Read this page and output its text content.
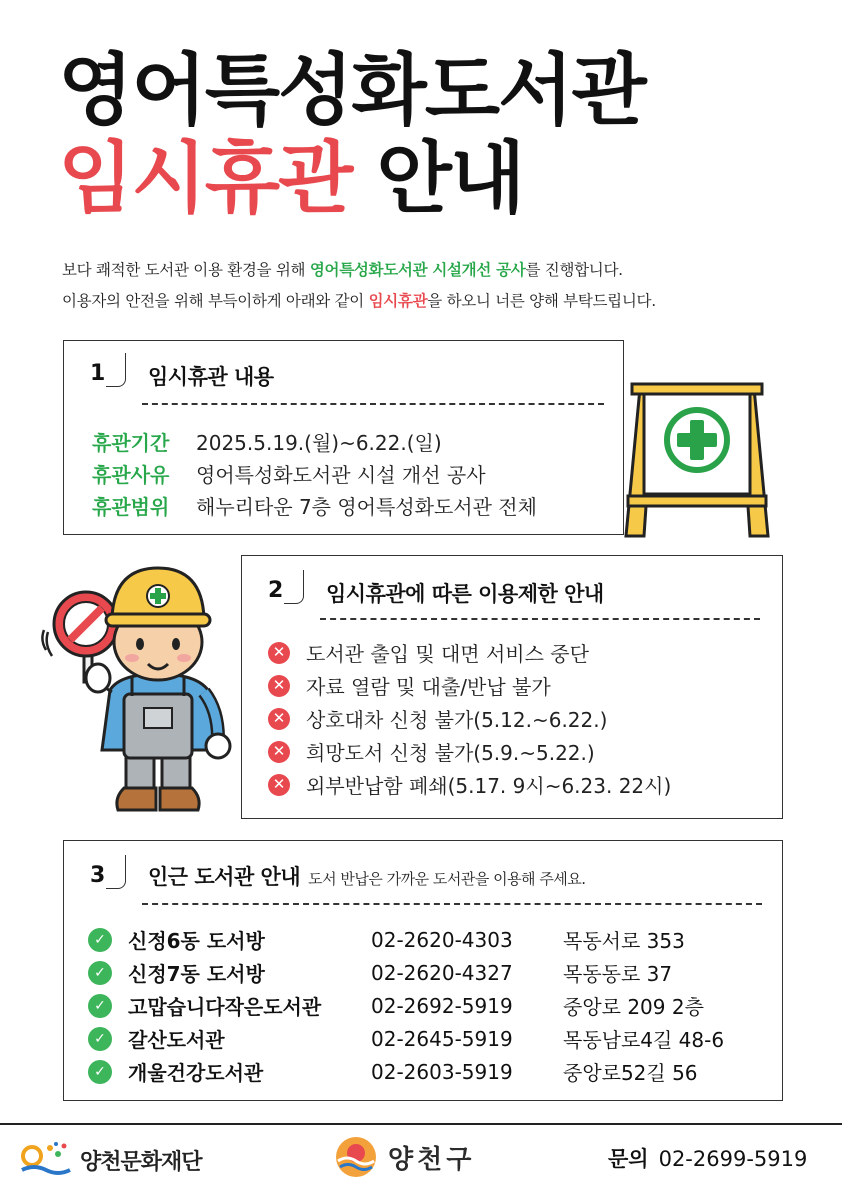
영어특성화도서관
임시휴관 안내
보다 쾌적한 도서관 이용 환경을 위해 영어특성화도서관 시설개선 공사를 진행합니다.
이용자의 안전을 위해 부득이하게 아래와 같이 임시휴관을 하오니 너른 양해 부탁드립니다.
1 임시휴관 내용
휴관기간 2025.5.19.(월)~6.22.(일)
휴관사유 영어특성화도서관 시설 개선 공사
휴관범위 해누리타운 7층 영어특성화도서관 전체
2 임시휴관에 따른 이용제한 안내
✕ 도서관 출입 및 대면 서비스 중단
✕ 자료 열람 및 대출/반납 불가
✕ 상호대차 신청 불가(5.12.~6.22.)
✕ 희망도서 신청 불가(5.9.~5.22.)
✕ 외부반납함 폐쇄(5.17. 9시~6.23. 22시)
3 인근 도서관 안내 도서 반납은 가까운 도서관을 이용해 주세요.
✓	신정6동 도서방	02-2620-4303	목동서로 353
✓	신정7동 도서방	02-2620-4327	목동동로 37
✓	고맙습니다작은도서관	02-2692-5919	중앙로 209 2층
✓	갈산도서관	02-2645-5919	목동남로4길 48-6
✓	개울건강도서관	02-2603-5919	중앙로52길 56
양천문화재단	양천구	문의 02-2699-5919
